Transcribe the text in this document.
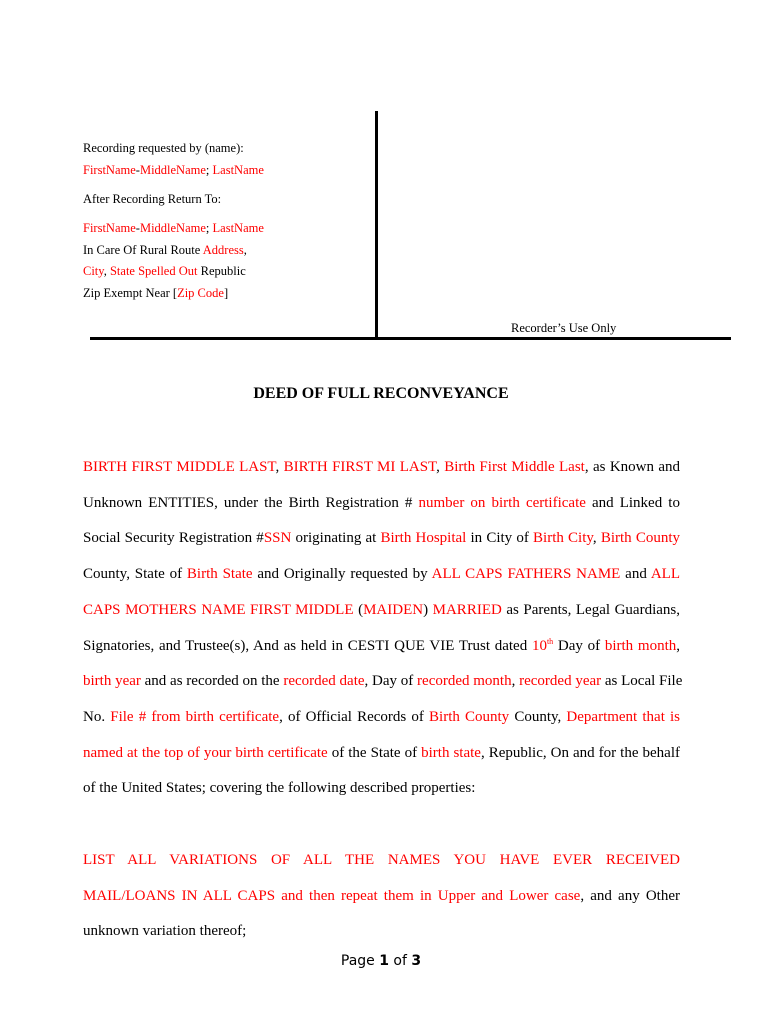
Recording requested by (name):
FirstName-MiddleName; LastName
After Recording Return To:
FirstName-MiddleName; LastName
In Care Of Rural Route Address,
City, State Spelled Out Republic
Zip Exempt Near [Zip Code]
Recorder’s Use Only
DEED OF FULL RECONVEYANCE
BIRTH FIRST MIDDLE LAST, BIRTH FIRST MI LAST, Birth First Middle Last, as Known and
Unknown ENTITIES, under the Birth Registration # number on birth certificate and Linked to
Social Security Registration #SSN originating at Birth Hospital in City of Birth City, Birth County
County, State of Birth State and Originally requested by ALL CAPS FATHERS NAME and ALL
CAPS MOTHERS NAME FIRST MIDDLE (MAIDEN) MARRIED as Parents, Legal Guardians,
Signatories, and Trustee(s), And as held in CESTI QUE VIE Trust dated 10th Day of birth month,
birth year and as recorded on the recorded date, Day of recorded month, recorded year as Local File
No. File # from birth certificate, of Official Records of Birth County County, Department that is
named at the top of your birth certificate of the State of birth state, Republic, On and for the behalf
of the United States; covering the following described properties:
LIST ALL VARIATIONS OF ALL THE NAMES YOU HAVE EVER RECEIVED
MAIL/LOANS IN ALL CAPS and then repeat them in Upper and Lower case, and any Other
unknown variation thereof;
Page 1 of 3
